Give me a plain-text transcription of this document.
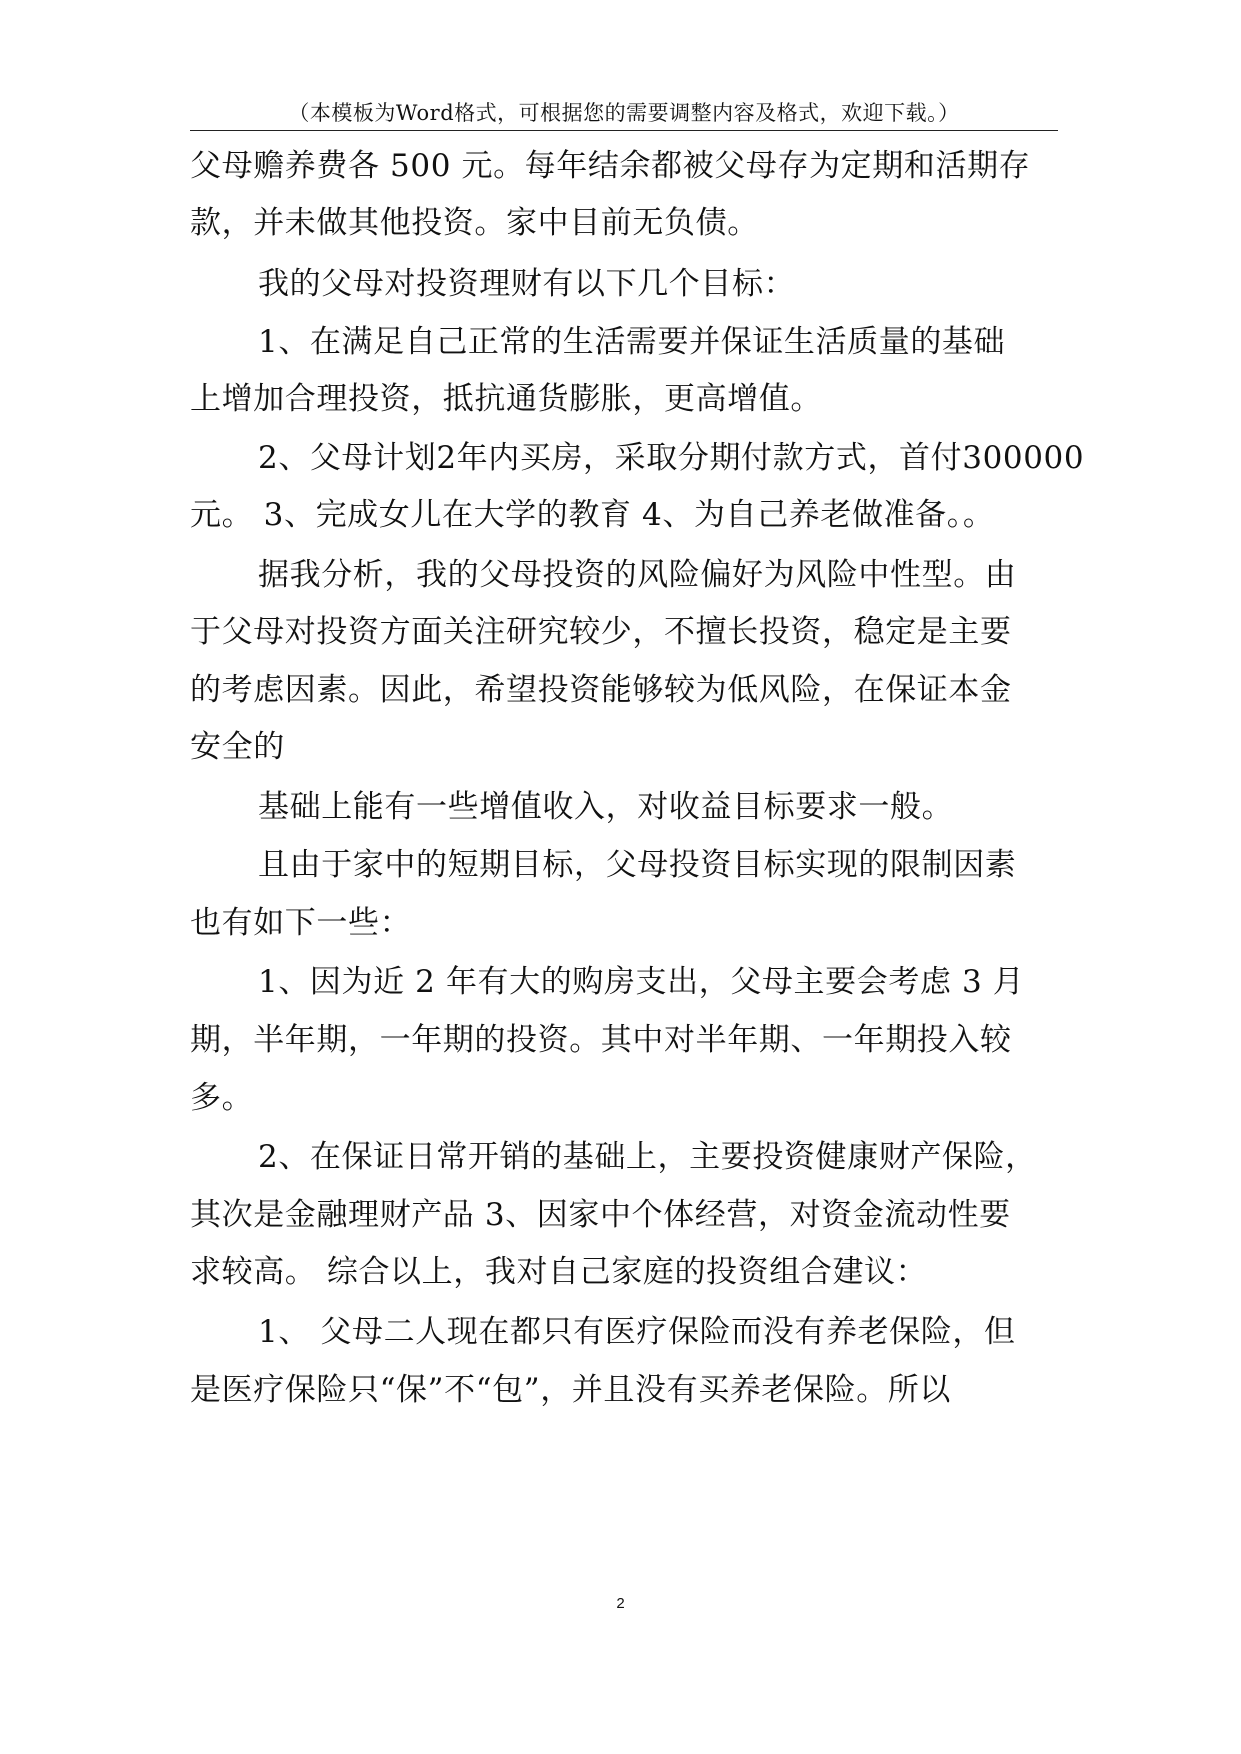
（本模板为Word格式，可根据您的需要调整内容及格式，欢迎下载。）
父母赡养费各 500 元。每年结余都被父母存为定期和活期存
款，并未做其他投资。家中目前无负债。
我的父母对投资理财有以下几个目标：
1、在满足自己正常的生活需要并保证生活质量的基础
上增加合理投资，抵抗通货膨胀，更高增值。
2、父母计划2年内买房，采取分期付款方式，首付300000
元。 3、完成女儿在大学的教育 4、为自己养老做准备。。
据我分析，我的父母投资的风险偏好为风险中性型。由
于父母对投资方面关注研究较少，不擅长投资，稳定是主要
的考虑因素。因此，希望投资能够较为低风险，在保证本金
安全的
基础上能有一些增值收入，对收益目标要求一般。
且由于家中的短期目标，父母投资目标实现的限制因素
也有如下一些：
1、因为近 2 年有大的购房支出，父母主要会考虑 3 月
期，半年期，一年期的投资。其中对半年期、一年期投入较
多。
2、在保证日常开销的基础上，主要投资健康财产保险，
其次是金融理财产品 3、因家中个体经营，对资金流动性要
求较高。 综合以上，我对自己家庭的投资组合建议：
1、 父母二人现在都只有医疗保险而没有养老保险，但
是医疗保险只“保”不“包”，并且没有买养老保险。所以
2
